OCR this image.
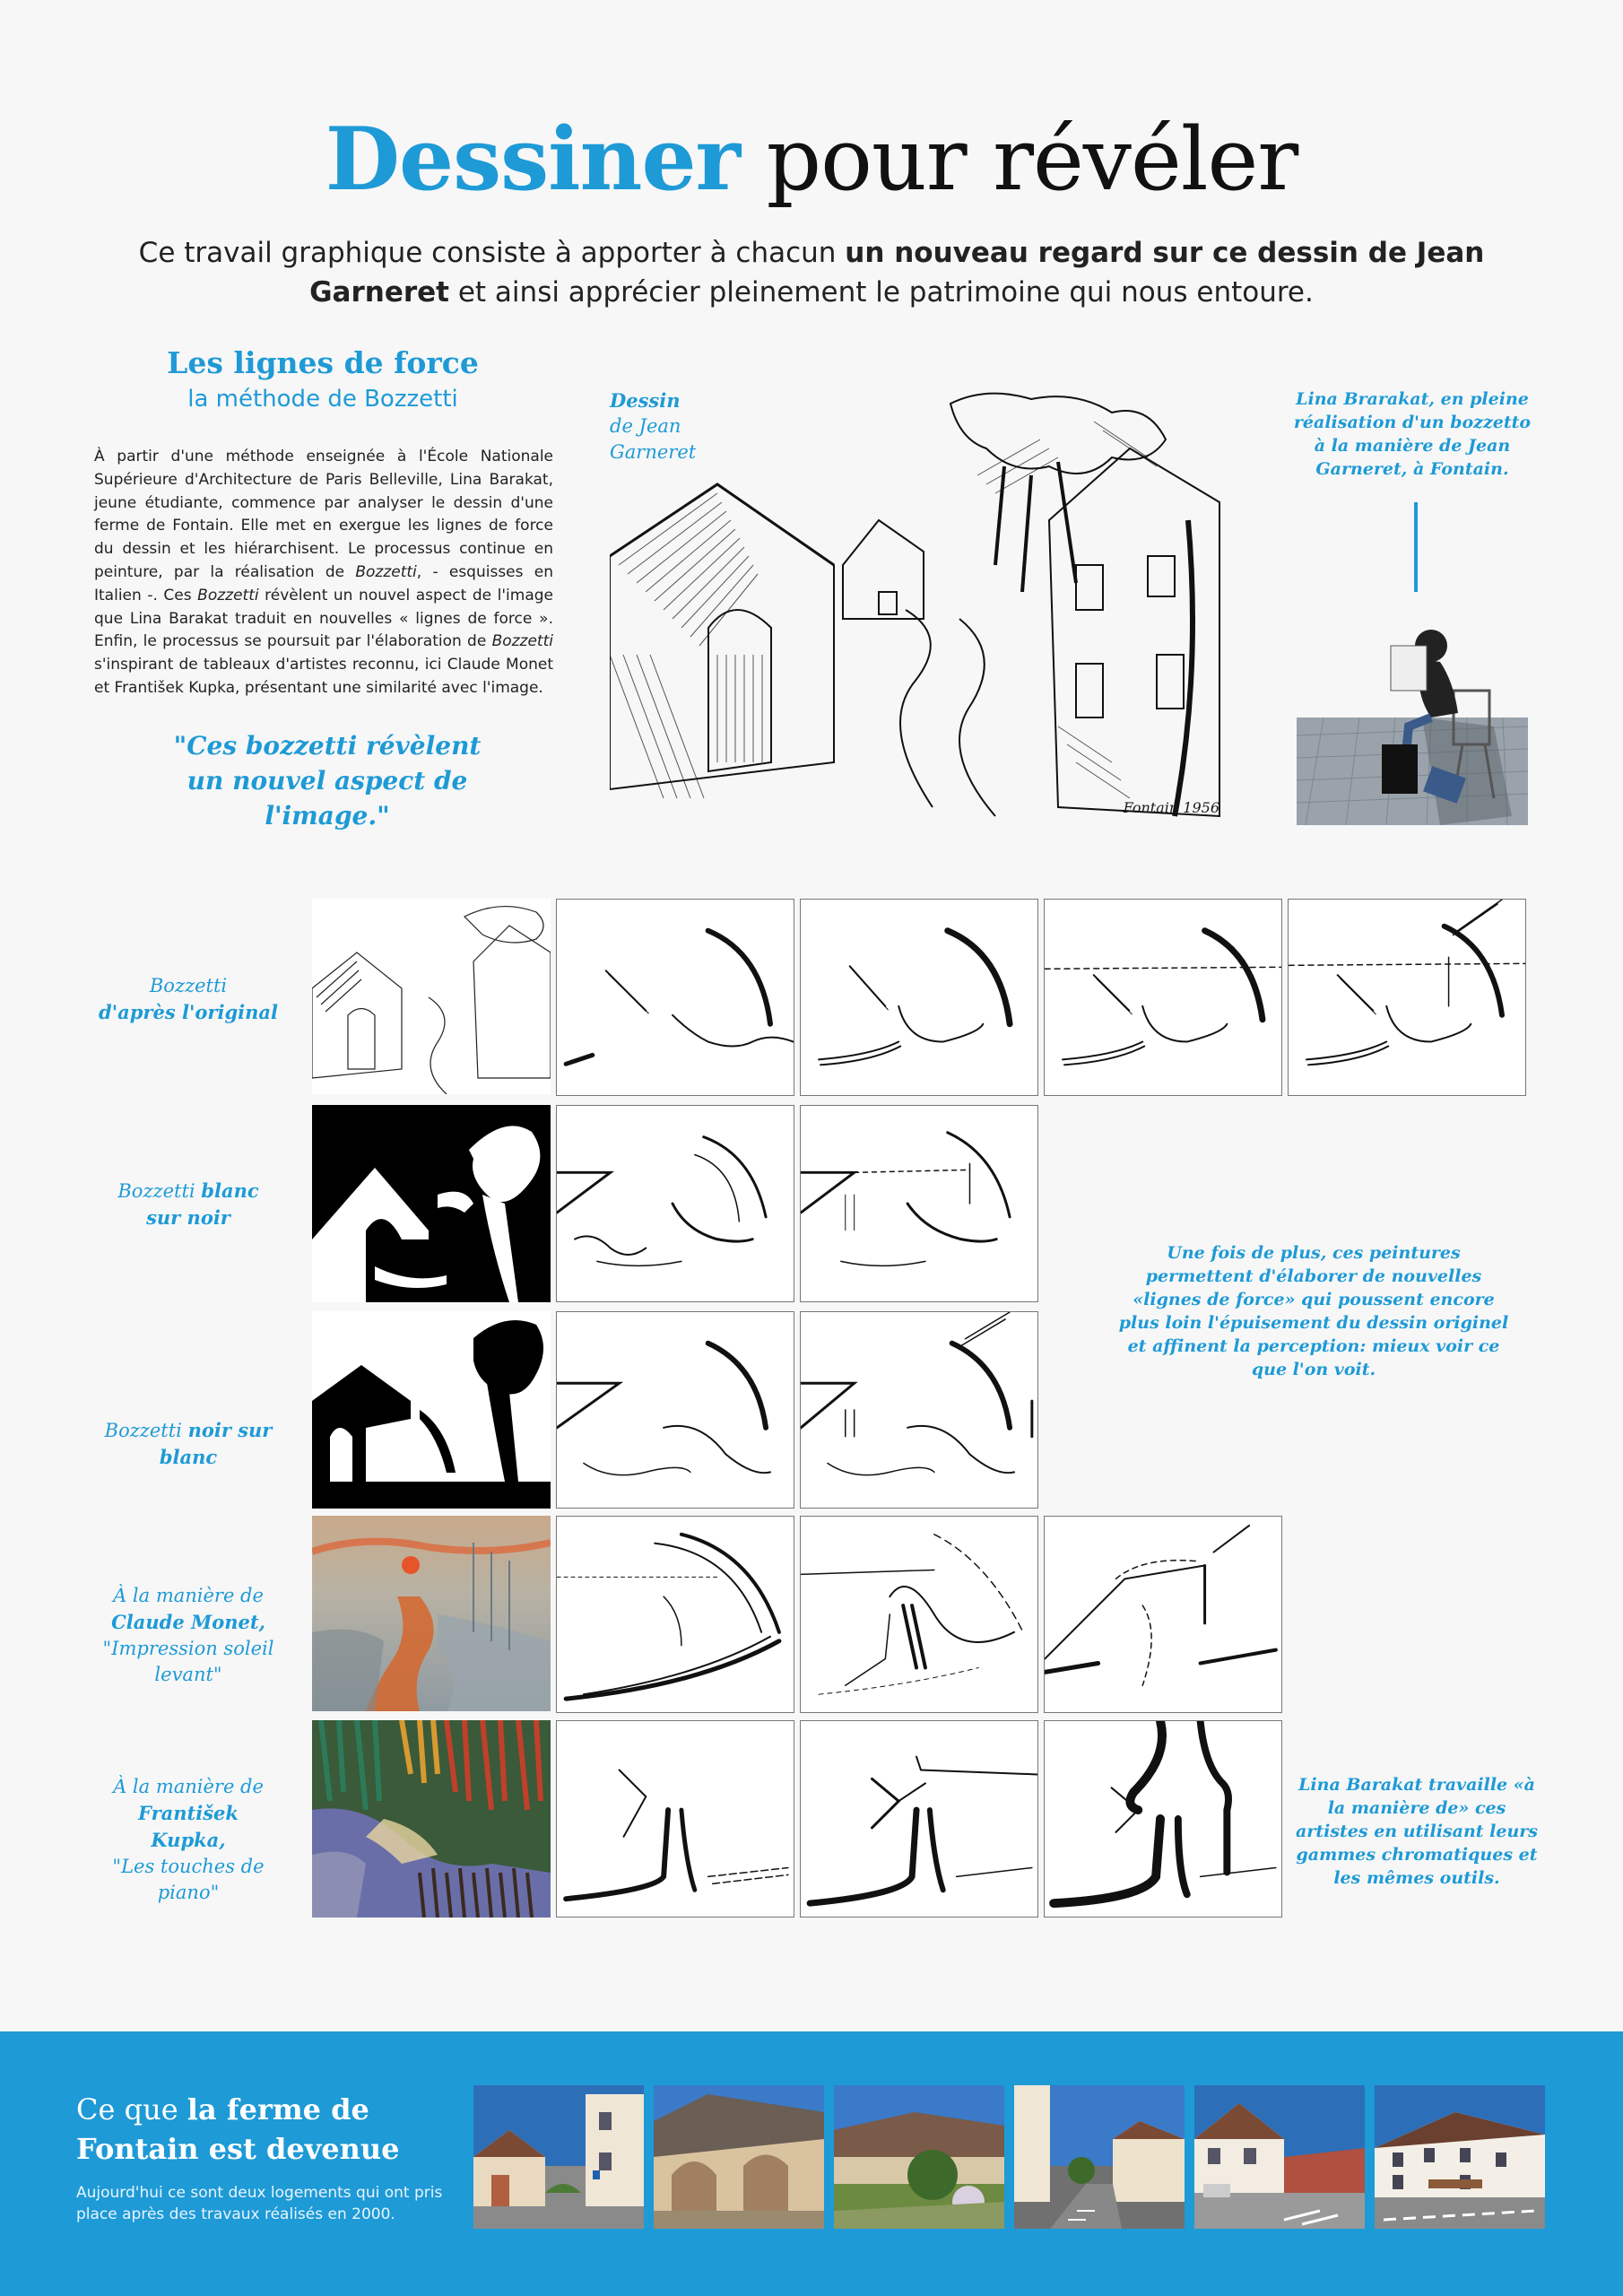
Dessiner pour révéler
Ce travail graphique consiste à apporter à chacun un nouveau regard sur ce dessin de Jean Garneret et ainsi apprécier pleinement le patrimoine qui nous entoure.
Les lignes de force
la méthode de Bozzetti
À partir d'une méthode enseignée à l'École Nationale Supérieure d'Architecture de Paris Belleville, Lina Barakat, jeune étudiante, commence par analyser le dessin d'une ferme de Fontain. Elle met en exergue les lignes de force du dessin et les hiérarchisent. Le processus continue en peinture, par la réalisation de Bozzetti, - esquisses en Italien -. Ces Bozzetti révèlent un nouvel aspect de l'image que Lina Barakat traduit en nouvelles « lignes de force ». Enfin, le processus se poursuit par l'élaboration de Bozzetti s'inspirant de tableaux d'artistes reconnu, ici Claude Monet et František Kupka, présentant une similarité avec l'image.
"Ces bozzetti révèlent un nouvel aspect de l'image."
Dessin
de Jean
Garneret
Fontain 1956
Lina Brarakat, en pleine réalisation d'un bozzetto à la manière de Jean Garneret, à Fontain.
Bozzetti
d'après l'original
Bozzetti blanc sur noir
Bozzetti noir sur blanc
À la manière de
Claude Monet,
"Impression soleil levant"
À la manière de
František Kupka,
"Les touches de piano"
Une fois de plus, ces peintures permettent d'élaborer de nouvelles «lignes de force» qui poussent encore plus loin l'épuisement du dessin originel et affinent la perception: mieux voir ce que l'on voit.
Lina Barakat travaille «à la manière de» ces artistes en utilisant leurs gammes chromatiques et les mêmes outils.
Ce que la ferme de Fontain est devenue
Aujourd'hui ce sont deux logements qui ont pris place après des travaux réalisés en 2000.
